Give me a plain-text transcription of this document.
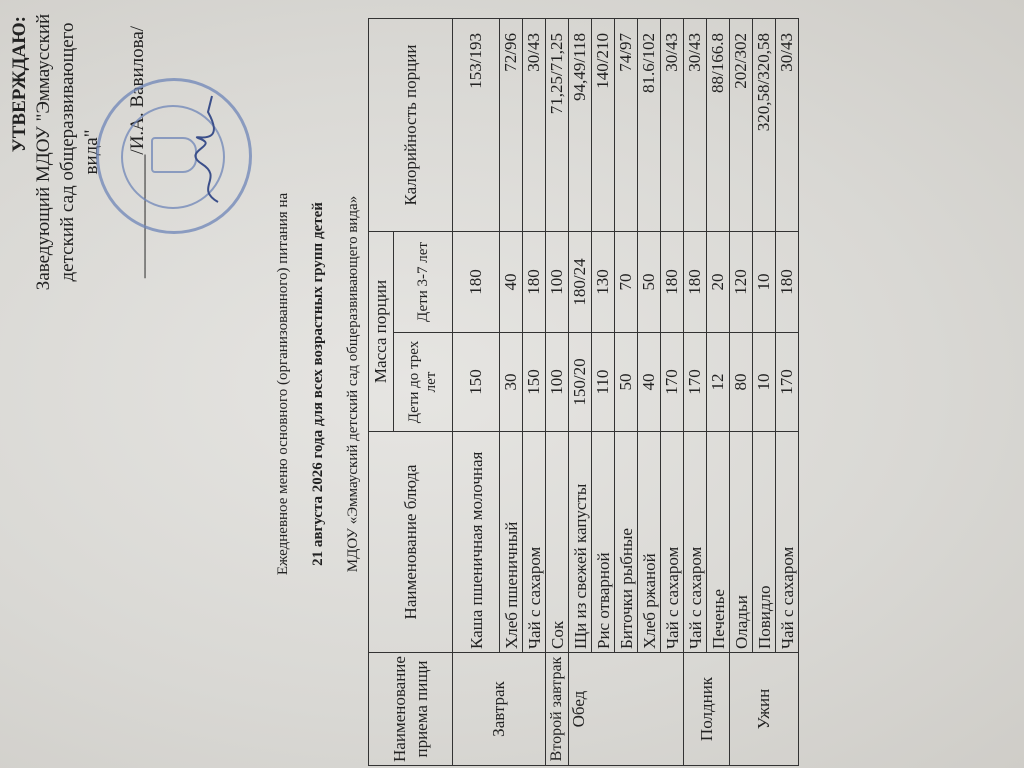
УТВЕРЖДАЮ: Заведующий МДОУ "Эммаусский детский сад общеразвивающего вида" _____________/И.А. Вавилова/
Ежедневное меню основного (организованного) питания на 21 августа 2026 года для всех возрастных групп детей МДОУ «Эммауский детский сад общеразвивающего вида»
Наименование приема пищи	Наименование блюда	Масса порции		Калорийность порции
		Дети до трех лет	Дети 3-7 лет	
Завтрак	Каша пшеничная молочная	150	180	153/193
	Хлеб пшеничный	30	40	72/96
	Чай с сахаром	150	180	30/43
Второй завтрак	Сок	100	100	71,25/71,25
Обед	Щи из свежей капусты	150/20	180/24	94,49/118
	Рис отварной	110	130	140/210
	Биточки рыбные	50	70	74/97
	Хлеб ржаной	40	50	81.6/102
	Чай с сахаром	170	180	30/43
Полдник	Чай с сахаром	170	180	30/43
	Печенье	12	20	88/166.8
Ужин	Оладьи	80	120	202/302
	Повидло	10	10	320,58/320,58
	Чай с сахаром	170	180	30/43
